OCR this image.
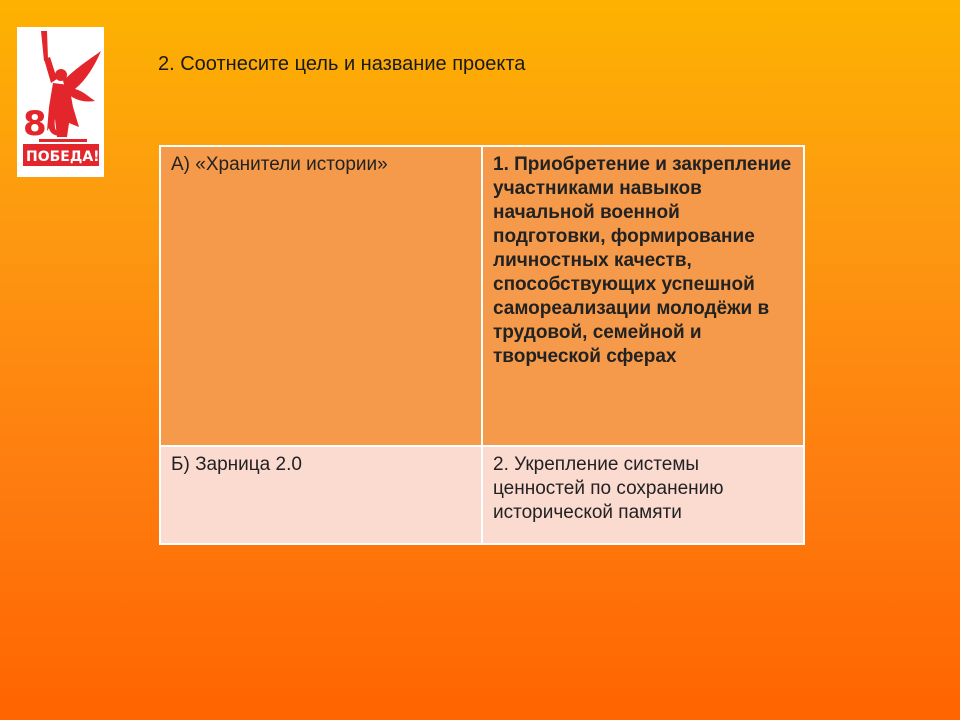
80
ПОБЕДА!
2. Соотнесите цель и название проекта
А) «Хранители истории»	1. Приобретение и закрепление участниками навыков начальной военной подготовки, формирование личностных качеств, способствующих успешной самореализации молодёжи в трудовой, семейной и творческой сферах
Б) Зарница 2.0	2. Укрепление системы ценностей по сохранению исторической памяти
